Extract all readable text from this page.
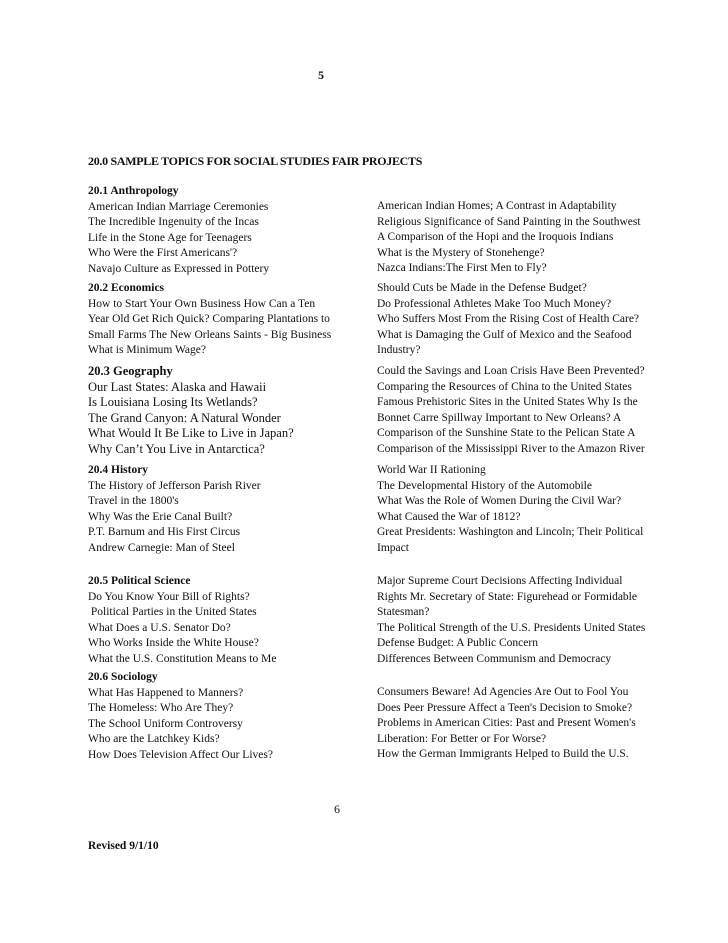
5
20.0 SAMPLE TOPICS FOR SOCIAL STUDIES FAIR PROJECTS
20.1 Anthropology
American Indian Marriage Ceremonies
The Incredible Ingenuity of the Incas
Life in the Stone Age for Teenagers
Who Were the First Americans'?
Navajo Culture as Expressed in Pottery
American Indian Homes; A Contrast in Adaptability
Religious Significance of Sand Painting in the Southwest
A Comparison of the Hopi and the Iroquois Indians
What is the Mystery of Stonehenge?
Nazca Indians:The First Men to Fly?
20.2 Economics
How to Start Your Own Business How Can a Ten
Year Old Get Rich Quick? Comparing Plantations to
Small Farms The New Orleans Saints - Big Business
What is Minimum Wage?
Should Cuts be Made in the Defense Budget?
Do Professional Athletes Make Too Much Money?
Who Suffers Most From the Rising Cost of Health Care?
What is Damaging the Gulf of Mexico and the Seafood
Industry?
20.3 Geography
Our Last States: Alaska and Hawaii
Is Louisiana Losing Its Wetlands?
The Grand Canyon: A Natural Wonder
What Would It Be Like to Live in Japan?
Why Can’t You Live in Antarctica?
Could the Savings and Loan Crisis Have Been Prevented?
Comparing the Resources of China to the United States
Famous Prehistoric Sites in the United States Why Is the
Bonnet Carre Spillway Important to New Orleans? A
Comparison of the Sunshine State to the Pelican State A
Comparison of the Mississippi River to the Amazon River
20.4 History
The History of Jefferson Parish River
Travel in the 1800's
Why Was the Erie Canal Built?
P.T. Barnum and His First Circus
Andrew Carnegie: Man of Steel
World War II Rationing
The Developmental History of the Automobile
What Was the Role of Women During the Civil War?
What Caused the War of 1812?
Great Presidents: Washington and Lincoln; Their Political
Impact
20.5 Political Science
Do You Know Your Bill of Rights?
Political Parties in the United States
What Does a U.S. Senator Do?
Who Works Inside the White House?
What the U.S. Constitution Means to Me
Major Supreme Court Decisions Affecting Individual
Rights Mr. Secretary of State: Figurehead or Formidable
Statesman?
The Political Strength of the U.S. Presidents United States
Defense Budget: A Public Concern
Differences Between Communism and Democracy
20.6 Sociology
What Has Happened to Manners?
The Homeless: Who Are They?
The School Uniform Controversy
Who are the Latchkey Kids?
How Does Television Affect Our Lives?
Consumers Beware! Ad Agencies Are Out to Fool You
Does Peer Pressure Affect a Teen's Decision to Smoke?
Problems in American Cities: Past and Present Women's
Liberation: For Better or For Worse?
How the German Immigrants Helped to Build the U.S.
6
Revised 9/1/10
